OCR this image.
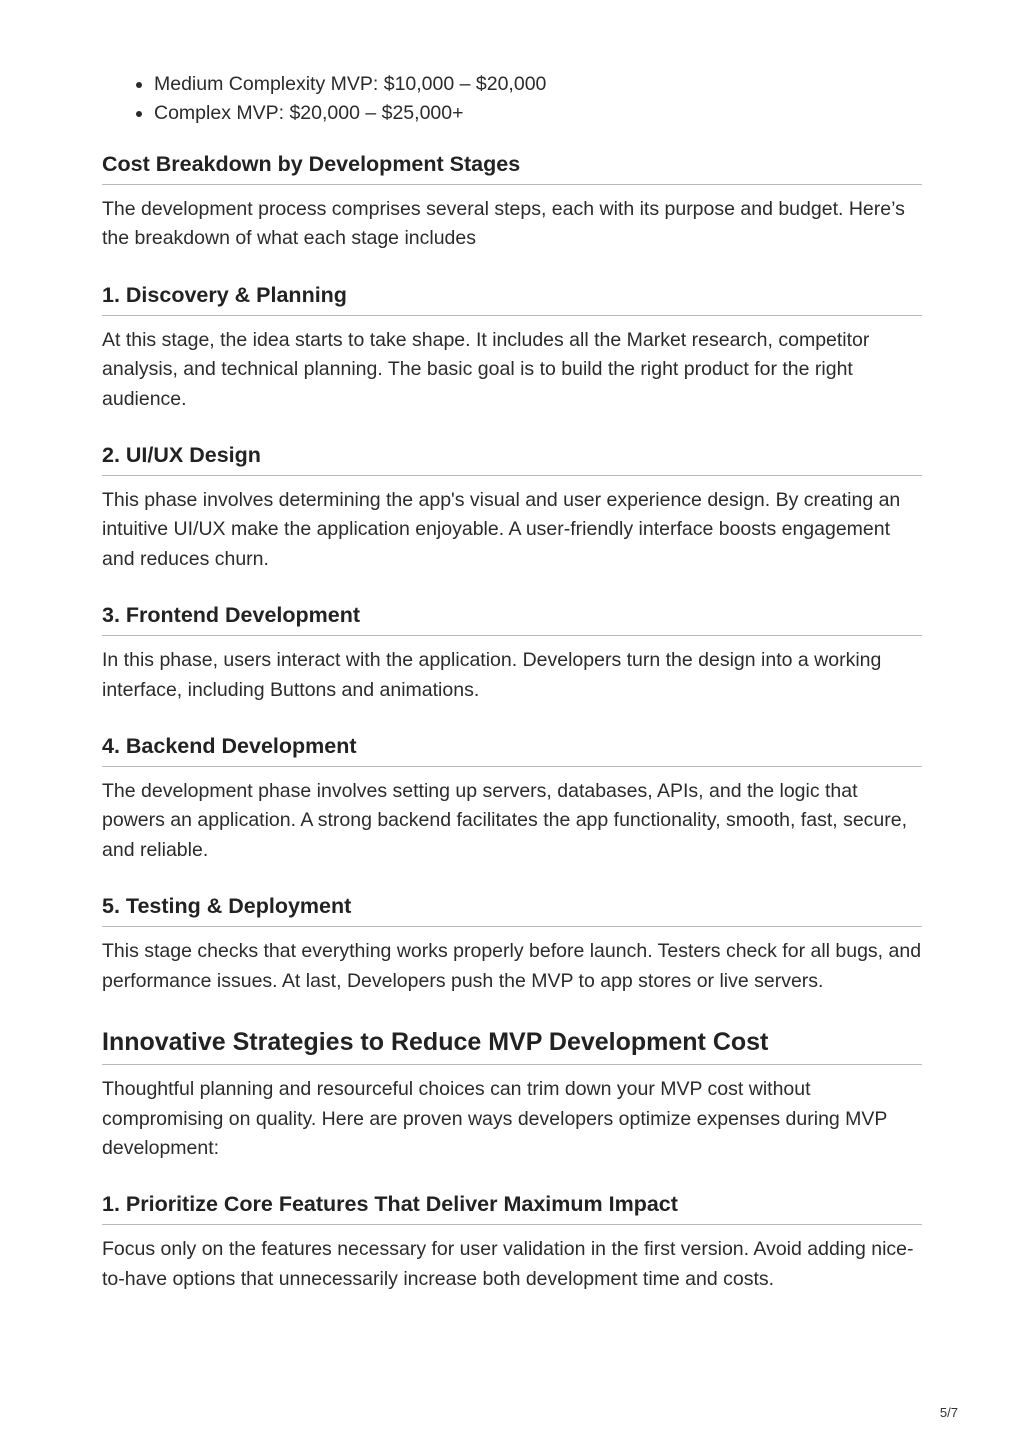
• Medium Complexity MVP: $10,000 – $20,000
• Complex MVP: $20,000 – $25,000+
Cost Breakdown by Development Stages

The development process comprises several steps, each with its purpose and budget. Here’s the breakdown of what each stage includes

1. Discovery & Planning

At this stage, the idea starts to take shape. It includes all the Market research, competitor analysis, and technical planning. The basic goal is to build the right product for the right audience.

2. UI/UX Design

This phase involves determining the app's visual and user experience design. By creating an intuitive UI/UX make the application enjoyable. A user-friendly interface boosts engagement and reduces churn.

3. Frontend Development

In this phase, users interact with the application. Developers turn the design into a working interface, including Buttons and animations.

4. Backend Development

The development phase involves setting up servers, databases, APIs, and the logic that powers an application. A strong backend facilitates the app functionality, smooth, fast, secure, and reliable.

5. Testing & Deployment

This stage checks that everything works properly before launch. Testers check for all bugs, and performance issues. At last, Developers push the MVP to app stores or live servers.

Innovative Strategies to Reduce MVP Development Cost

Thoughtful planning and resourceful choices can trim down your MVP cost without compromising on quality. Here are proven ways developers optimize expenses during MVP development:

1. Prioritize Core Features That Deliver Maximum Impact

Focus only on the features necessary for user validation in the first version. Avoid adding nice-to-have options that unnecessarily increase both development time and costs.

5/7
